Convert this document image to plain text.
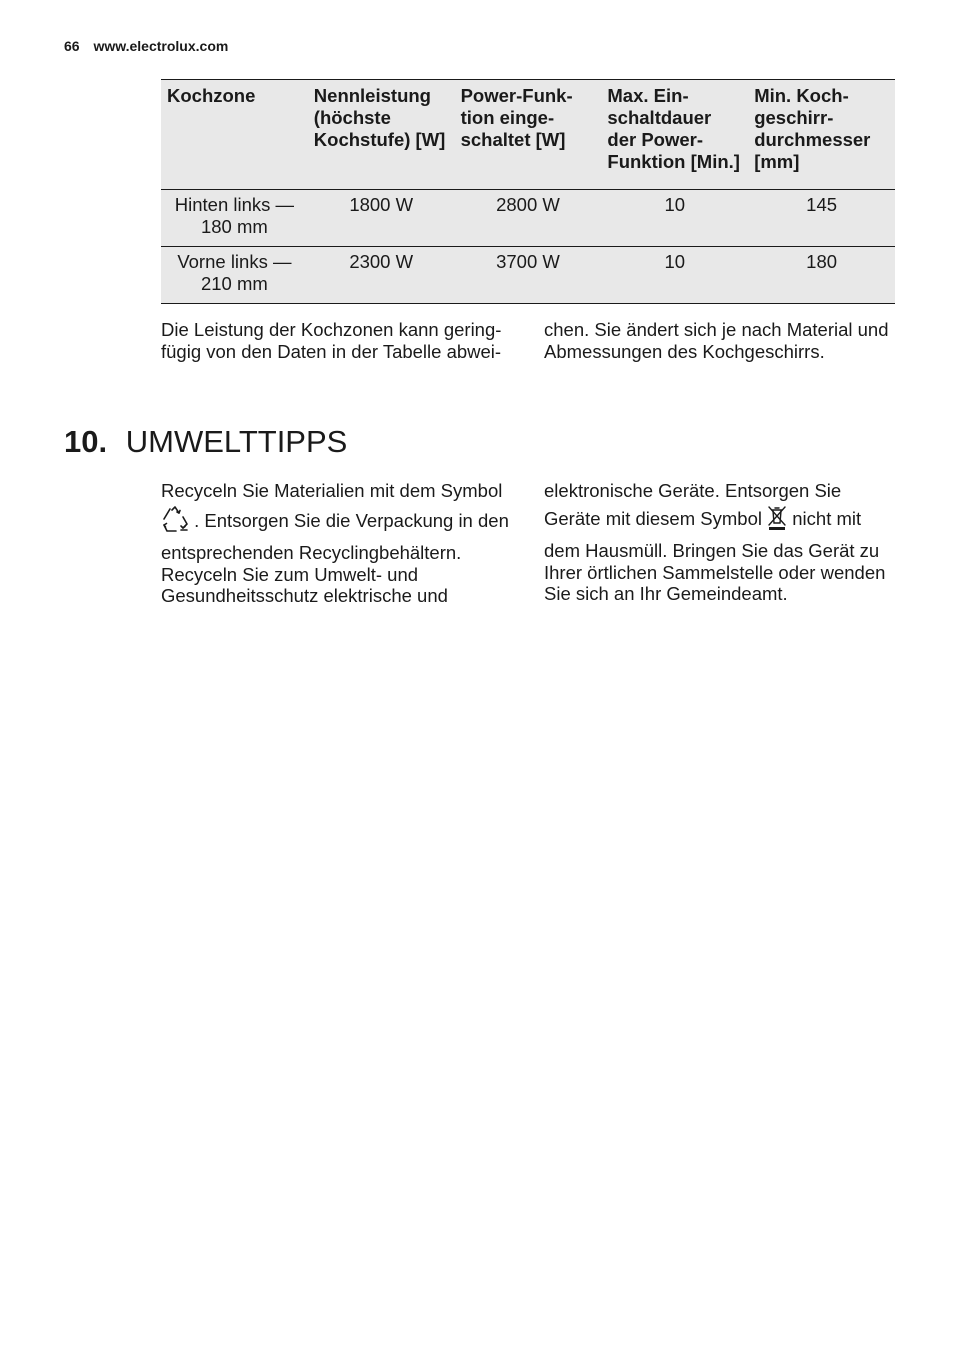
66 www.electrolux.com
Kochzone	Nennleistung (höchste Kochstufe) [W]	Power-Funk- tion einge- schaltet [W]	Max. Ein- schaltdauer der Power- Funktion [Min.]	Min. Koch- geschirr- durchmesser [mm]
Hinten links — 180 mm	1800 W	2800 W	10	145
Vorne links — 210 mm	2300 W	3700 W	10	180
Die Leistung der Kochzonen kann gering- fügig von den Daten in der Tabelle abwei-
chen. Sie ändert sich je nach Material und Abmessungen des Kochgeschirrs.
10. UMWELTTIPPS
Recyceln Sie Materialien mit dem Symbol
. Entsorgen Sie die Verpackung in den
entsprechenden Recyclingbehältern. Recyceln Sie zum Umwelt- und Gesundheitsschutz elektrische und
elektronische Geräte. Entsorgen Sie
Geräte mit diesem Symbol nicht mit
dem Hausmüll. Bringen Sie das Gerät zu Ihrer örtlichen Sammelstelle oder wenden Sie sich an Ihr Gemeindeamt.
